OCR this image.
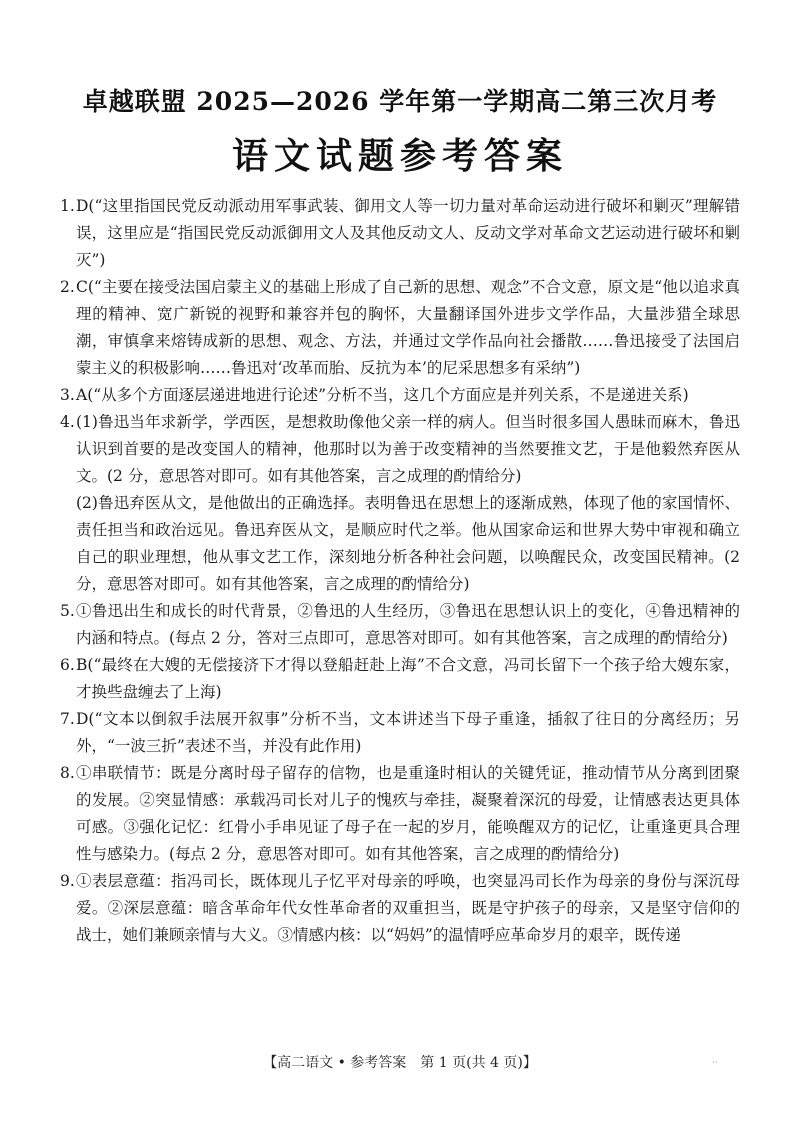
卓越联盟 2025—2026 学年第一学期高二第三次月考
语文试题参考答案
1. D(“这里指国民党反动派动用军事武装、御用文人等一切力量对革命运动进行破坏和剿灭”理解错误，这里应是“指国民党反动派御用文人及其他反动文人、反动文学对革命文艺运动进行破坏和剿灭”)

2. C(“主要在接受法国启蒙主义的基础上形成了自己新的思想、观念”不合文意，原文是“他以追求真理的精神、宽广新锐的视野和兼容并包的胸怀，大量翻译国外进步文学作品，大量涉猎全球思潮，审慎拿来熔铸成新的思想、观念、方法，并通过文学作品向社会播散……鲁迅接受了法国启蒙主义的积极影响……鲁迅对‘改革而胎、反抗为本’的尼采思想多有采纳”)

3. A(“从多个方面逐层递进地进行论述”分析不当，这几个方面应是并列关系，不是递进关系)

4. (1)鲁迅当年求新学，学西医，是想救助像他父亲一样的病人。但当时很多国人愚昧而麻木，鲁迅认识到首要的是改变国人的精神，他那时以为善于改变精神的当然要推文艺，于是他毅然弃医从文。(2 分，意思答对即可。如有其他答案，言之成理的酌情给分)

(2)鲁迅弃医从文，是他做出的正确选择。表明鲁迅在思想上的逐渐成熟，体现了他的家国情怀、责任担当和政治远见。鲁迅弃医从文，是顺应时代之举。他从国家命运和世界大势中审视和确立自己的职业理想，他从事文艺工作，深刻地分析各种社会问题，以唤醒民众，改变国民精神。(2 分，意思答对即可。如有其他答案，言之成理的酌情给分)

5. ①鲁迅出生和成长的时代背景，②鲁迅的人生经历，③鲁迅在思想认识上的变化，④鲁迅精神的内涵和特点。(每点 2 分，答对三点即可，意思答对即可。如有其他答案，言之成理的酌情给分)

6. B(“最终在大嫂的无偿接济下才得以登船赶赴上海”不合文意，冯司长留下一个孩子给大嫂东家，才换些盘缠去了上海)

7. D(“文本以倒叙手法展开叙事”分析不当，文本讲述当下母子重逢，插叙了往日的分离经历；另外，“一波三折”表述不当，并没有此作用)

8. ①串联情节：既是分离时母子留存的信物，也是重逢时相认的关键凭证，推动情节从分离到团聚的发展。②突显情感：承载冯司长对儿子的愧疚与牵挂，凝聚着深沉的母爱，让情感表达更具体可感。③强化记忆：红骨小手串见证了母子在一起的岁月，能唤醒双方的记忆，让重逢更具合理性与感染力。(每点 2 分，意思答对即可。如有其他答案，言之成理的酌情给分)

9. ①表层意蕴：指冯司长，既体现儿子忆平对母亲的呼唤，也突显冯司长作为母亲的身份与深沉母爱。②深层意蕴：暗含革命年代女性革命者的双重担当，既是守护孩子的母亲，又是坚守信仰的战士，她们兼顾亲情与大义。③情感内核：以“妈妈”的温情呼应革命岁月的艰辛，既传递

【高二语文 • 参考答案　第 1 页(共 4 页)】	··
